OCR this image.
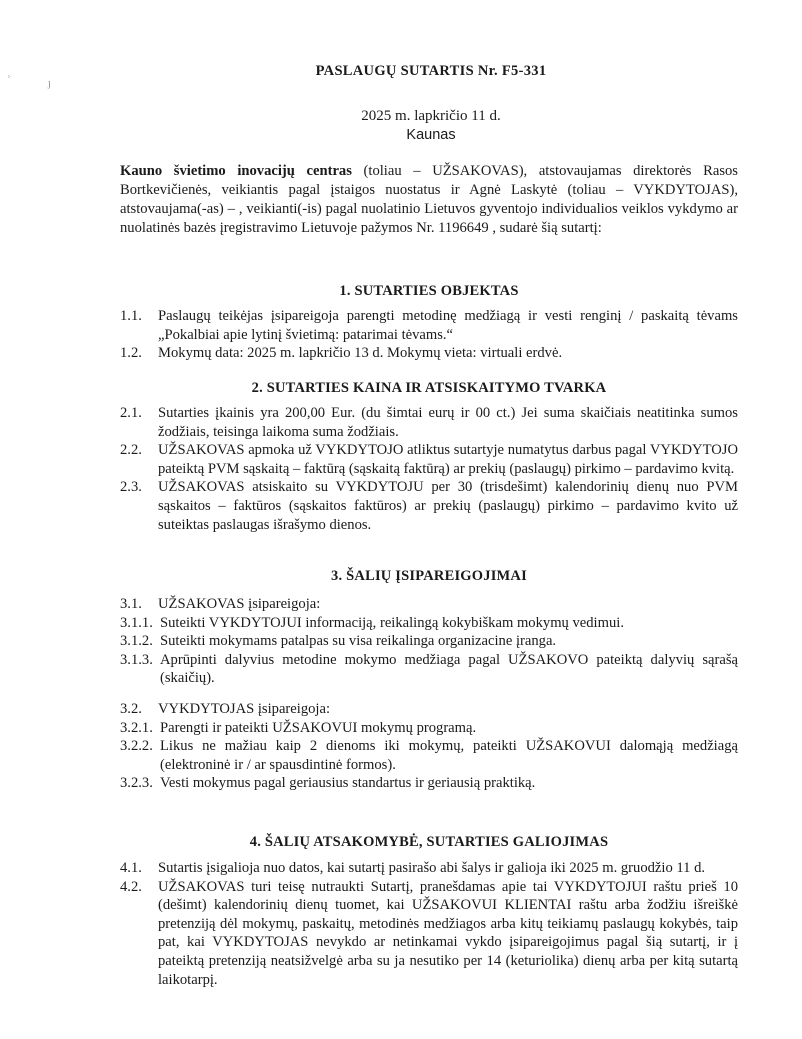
⸒
ȷ
PASLAUGŲ SUTARTIS Nr. F5-331
2025 m. lapkričio 11 d.
Kaunas
Kauno švietimo inovacijų centras (toliau – UŽSAKOVAS), atstovaujamas direktorės Rasos Bortkevičienės, veikiantis pagal įstaigos nuostatus ir Agnė Laskytė (toliau – VYKDYTOJAS), atstovaujama(-as) – , veikianti(-is) pagal nuolatinio Lietuvos gyventojo individualios veiklos vykdymo ar nuolatinės bazės įregistravimo Lietuvoje pažymos Nr. 1196649 , sudarė šią sutartį:
1. SUTARTIES OBJEKTAS
1.1.	Paslaugų teikėjas įsipareigoja parengti metodinę medžiagą ir vesti renginį / paskaitą tėvams „Pokalbiai apie lytinį švietimą: patarimai tėvams.“
1.2.	Mokymų data: 2025 m. lapkričio 13 d. Mokymų vieta: virtuali erdvė.
2. SUTARTIES KAINA IR ATSISKAITYMO TVARKA
2.1.	Sutarties įkainis yra 200,00 Eur. (du šimtai eurų ir 00 ct.) Jei suma skaičiais neatitinka sumos žodžiais, teisinga laikoma suma žodžiais.
2.2.	UŽSAKOVAS apmoka už VYKDYTOJO atliktus sutartyje numatytus darbus pagal VYKDYTOJO pateiktą PVM sąskaitą – faktūrą (sąskaitą faktūrą) ar prekių (paslaugų) pirkimo – pardavimo kvitą.
2.3.	UŽSAKOVAS atsiskaito su VYKDYTOJU per 30 (trisdešimt) kalendorinių dienų nuo PVM sąskaitos – faktūros (sąskaitos faktūros) ar prekių (paslaugų) pirkimo – pardavimo kvito už suteiktas paslaugas išrašymo dienos.
3. ŠALIŲ ĮSIPAREIGOJIMAI
3.1.	UŽSAKOVAS įsipareigoja:
3.1.1. Suteikti VYKDYTOJUI informaciją, reikalingą kokybiškam mokymų vedimui.
3.1.2. Suteikti mokymams patalpas su visa reikalinga organizacine įranga.
3.1.3. Aprūpinti dalyvius metodine mokymo medžiaga pagal UŽSAKOVO pateiktą dalyvių sąrašą (skaičių).
3.2.	VYKDYTOJAS įsipareigoja:
3.2.1. Parengti ir pateikti UŽSAKOVUI mokymų programą.
3.2.2. Likus ne mažiau kaip 2 dienoms iki mokymų, pateikti UŽSAKOVUI dalomąją medžiagą (elektroninė ir / ar spausdintinė formos).
3.2.3. Vesti mokymus pagal geriausius standartus ir geriausią praktiką.
4. ŠALIŲ ATSAKOMYBĖ, SUTARTIES GALIOJIMAS
4.1.	Sutartis įsigalioja nuo datos, kai sutartį pasirašo abi šalys ir galioja iki 2025 m. gruodžio 11 d.
4.2.	UŽSAKOVAS turi teisę nutraukti Sutartį, pranešdamas apie tai VYKDYTOJUI raštu prieš 10 (dešimt) kalendorinių dienų tuomet, kai UŽSAKOVUI KLIENTAI raštu arba žodžiu išreiškė pretenziją dėl mokymų, paskaitų, metodinės medžiagos arba kitų teikiamų paslaugų kokybės, taip pat, kai VYKDYTOJAS nevykdo ar netinkamai vykdo įsipareigojimus pagal šią sutartį, ir į pateiktą pretenziją neatsižvelgė arba su ja nesutiko per 14 (keturiolika) dienų arba per kitą sutartą laikotarpį.
